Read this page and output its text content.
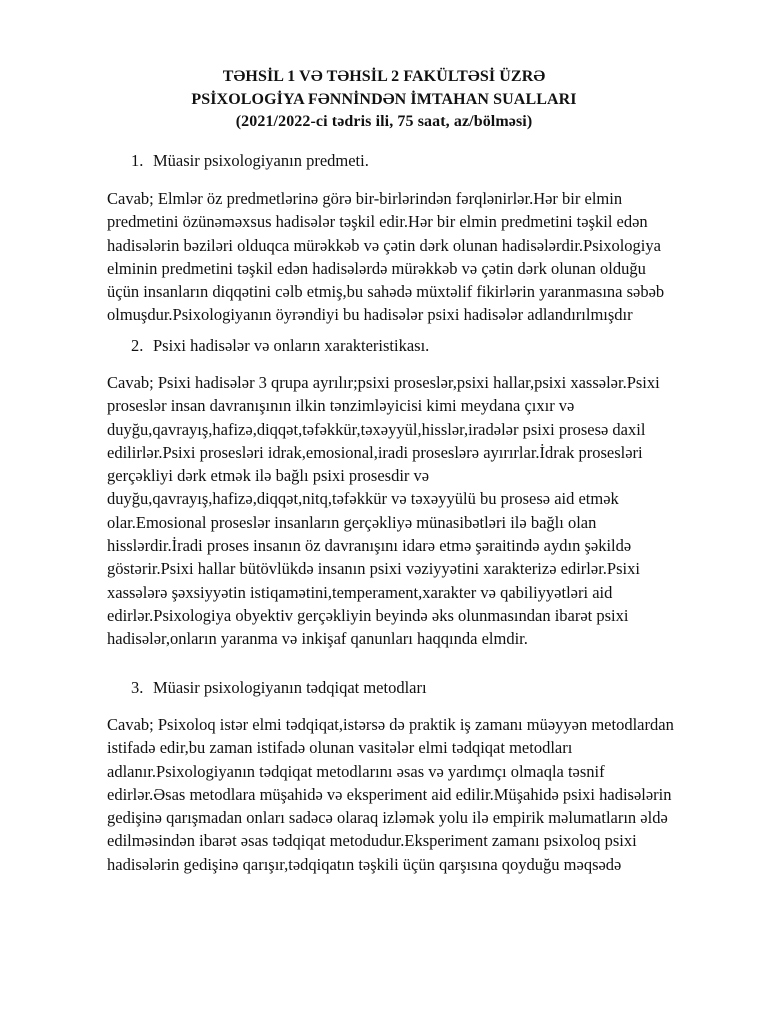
TƏHSİL 1 VƏ TƏHSİL 2 FAKÜLTƏSİ ÜZRƏ
PSİXOLOGİYA FƏNNİNDƏN İMTAHAN SUALLARI
(2021/2022-ci tədris ili, 75 saat, az/bölməsi)
1. Müasir psixologiyanın predmeti.
Cavab; Elmlər öz predmetlərinə görə bir-birlərindən fərqlənirlər.Hər bir elmin
predmetini özünəməxsus hadisələr təşkil edir.Hər bir elmin predmetini təşkil edən
hadisələrin bəziləri olduqca mürəkkəb və çətin dərk olunan hadisələrdir.Psixologiya
elminin predmetini təşkil edən hadisələrdə mürəkkəb və çətin dərk olunan olduğu
üçün insanların diqqətini cəlb etmiş,bu sahədə müxtəlif fikirlərin yaranmasına səbəb
olmuşdur.Psixologiyanın öyrəndiyi bu hadisələr psixi hadisələr adlandırılmışdır
2. Psixi hadisələr və onların xarakteristikası.
Cavab; Psixi hadisələr 3 qrupa ayrılır;psixi proseslər,psixi hallar,psixi xassələr.Psixi
proseslər insan davranışının ilkin tənzimləyicisi kimi meydana çıxır və
duyğu,qavrayış,hafizə,diqqət,təfəkkür,təxəyyül,hisslər,iradələr psixi prosesə daxil
edilirlər.Psixi prosesləri idrak,emosional,iradi proseslərə ayırırlar.İdrak prosesləri
gerçəkliyi dərk etmək ilə bağlı psixi prosesdir və
duyğu,qavrayış,hafizə,diqqət,nitq,təfəkkür və təxəyyülü bu prosesə aid etmək
olar.Emosional proseslər insanların gerçəkliyə münasibətləri ilə bağlı olan
hisslərdir.İradi proses insanın öz davranışını idarə etmə şəraitində aydın şəkildə
göstərir.Psixi hallar bütövlükdə insanın psixi vəziyyətini xarakterizə edirlər.Psixi
xassələrə şəxsiyyətin istiqamətini,temperament,xarakter və qabiliyyətləri aid
edirlər.Psixologiya obyektiv gerçəkliyin beyində əks olunmasından ibarət psixi
hadisələr,onların yaranma və inkişaf qanunları haqqında elmdir.
3. Müasir psixologiyanın tədqiqat metodları
Cavab; Psixoloq istər elmi tədqiqat,istərsə də praktik iş zamanı müəyyən metodlardan
istifadə edir,bu zaman istifadə olunan vasitələr elmi tədqiqat metodları
adlanır.Psixologiyanın tədqiqat metodlarını əsas və yardımçı olmaqla təsnif
edirlər.Əsas metodlara müşahidə və eksperiment aid edilir.Müşahidə psixi hadisələrin
gedişinə qarışmadan onları sadəcə olaraq izləmək yolu ilə empirik məlumatların əldə
edilməsindən ibarət əsas tədqiqat metodudur.Eksperiment zamanı psixoloq psixi
hadisələrin gedişinə qarışır,tədqiqatın təşkili üçün qarşısına qoyduğu məqsədə
